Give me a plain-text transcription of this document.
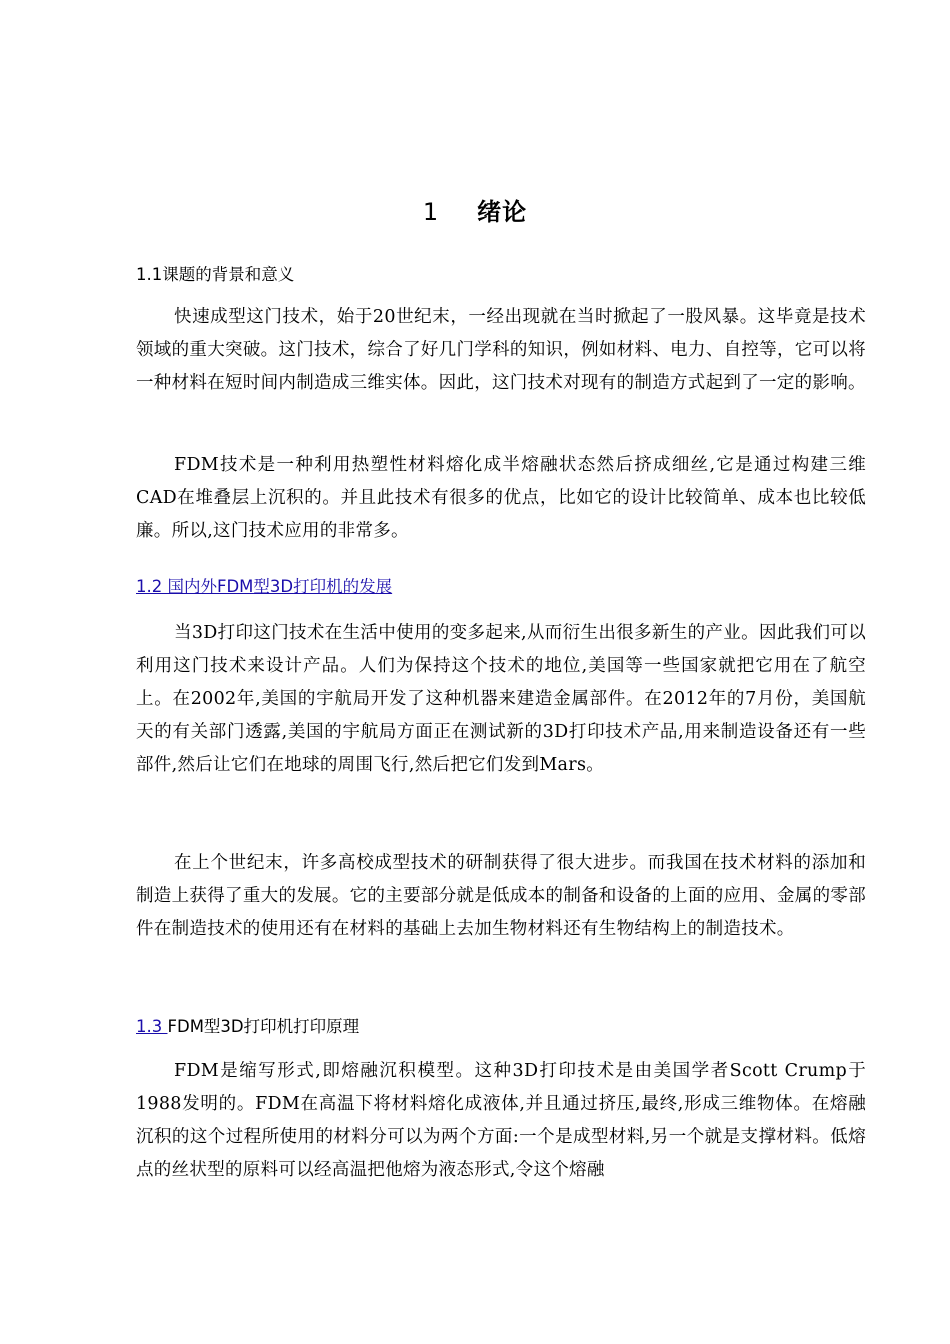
1 绪论
1.1课题的背景和意义

快速成型这门技术，始于20世纪末，一经出现就在当时掀起了一股风暴。这毕竟是技术领域的重大突破。这门技术，综合了好几门学科的知识，例如材料、电力、自控等，它可以将一种材料在短时间内制造成三维实体。因此，这门技术对现有的制造方式起到了一定的影响。

FDM技术是一种利用热塑性材料熔化成半熔融状态然后挤成细丝,它是通过构建三维CAD在堆叠层上沉积的。并且此技术有很多的优点，比如它的设计比较简单、成本也比较低廉。所以,这门技术应用的非常多。

1.2 国内外FDM型3D打印机的发展

当3D打印这门技术在生活中使用的变多起来,从而衍生出很多新生的产业。因此我们可以利用这门技术来设计产品。人们为保持这个技术的地位,美国等一些国家就把它用在了航空上。在2002年,美国的宇航局开发了这种机器来建造金属部件。在2012年的7月份，美国航天的有关部门透露,美国的宇航局方面正在测试新的3D打印技术产品,用来制造设备还有一些部件,然后让它们在地球的周围飞行,然后把它们发到Mars。

在上个世纪末，许多高校成型技术的研制获得了很大进步。而我国在技术材料的添加和制造上获得了重大的发展。它的主要部分就是低成本的制备和设备的上面的应用、金属的零部件在制造技术的使用还有在材料的基础上去加生物材料还有生物结构上的制造技术。

1.3 FDM型3D打印机打印原理

FDM是缩写形式,即熔融沉积模型。这种3D打印技术是由美国学者Scott Crump于1988发明的。FDM在高温下将材料熔化成液体,并且通过挤压,最终,形成三维物体。在熔融沉积的这个过程所使用的材料分可以为两个方面:一个是成型材料,另一个就是支撑材料。低熔点的丝状型的原料可以经高温把他熔为液态形式,令这个熔融
